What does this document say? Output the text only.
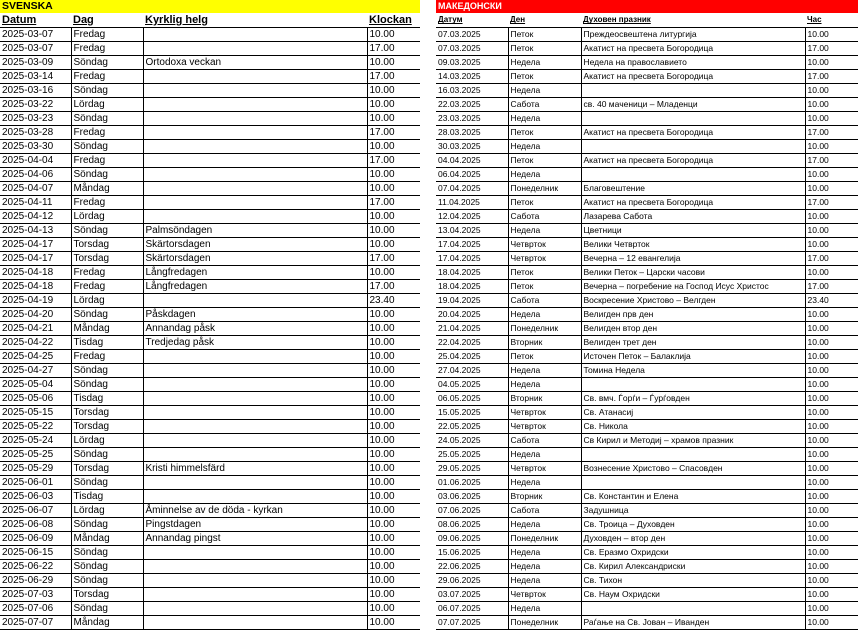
SVENSKA
Datum	Dag	Kyrklig helg	Klockan
2025-03-07	Fredag		10.00
2025-03-07	Fredag		17.00
2025-03-09	Söndag	Ortodoxa veckan	10.00
2025-03-14	Fredag		17.00
2025-03-16	Söndag		10.00
2025-03-22	Lördag		10.00
2025-03-23	Söndag		10.00
2025-03-28	Fredag		17.00
2025-03-30	Söndag		10.00
2025-04-04	Fredag		17.00
2025-04-06	Söndag		10.00
2025-04-07	Måndag		10.00
2025-04-11	Fredag		17.00
2025-04-12	Lördag		10.00
2025-04-13	Söndag	Palmsöndagen	10.00
2025-04-17	Torsdag	Skärtorsdagen	10.00
2025-04-17	Torsdag	Skärtorsdagen	17.00
2025-04-18	Fredag	Långfredagen	10.00
2025-04-18	Fredag	Långfredagen	17.00
2025-04-19	Lördag		23.40
2025-04-20	Söndag	Påskdagen	10.00
2025-04-21	Måndag	Annandag påsk	10.00
2025-04-22	Tisdag	Tredjedag påsk	10.00
2025-04-25	Fredag		10.00
2025-04-27	Söndag		10.00
2025-05-04	Söndag		10.00
2025-05-06	Tisdag		10.00
2025-05-15	Torsdag		10.00
2025-05-22	Torsdag		10.00
2025-05-24	Lördag		10.00
2025-05-25	Söndag		10.00
2025-05-29	Torsdag	Kristi himmelsfärd	10.00
2025-06-01	Söndag		10.00
2025-06-03	Tisdag		10.00
2025-06-07	Lördag	Åminnelse av de döda - kyrkan	10.00
2025-06-08	Söndag	Pingstdagen	10.00
2025-06-09	Måndag	Annandag pingst	10.00
2025-06-15	Söndag		10.00
2025-06-22	Söndag		10.00
2025-06-29	Söndag		10.00
2025-07-03	Torsdag		10.00
2025-07-06	Söndag		10.00
2025-07-07	Måndag		10.00
МАКЕДОНСКИ
Датум	Ден	Духовен празник	Час
07.03.2025	Петок	Преждеосвештена литургија	10.00
07.03.2025	Петок	Акатист на пресвета Богородица	17.00
09.03.2025	Недела	Недела на православието	10.00
14.03.2025	Петок	Акатист на пресвета Богородица	17.00
16.03.2025	Недела		10.00
22.03.2025	Сабота	св. 40 маченици – Младенци	10.00
23.03.2025	Недела		10.00
28.03.2025	Петок	Акатист на пресвета Богородица	17.00
30.03.2025	Недела		10.00
04.04.2025	Петок	Акатист на пресвета Богородица	17.00
06.04.2025	Недела		10.00
07.04.2025	Понеделник	Благовештение	10.00
11.04.2025	Петок	Акатист на пресвета Богородица	17.00
12.04.2025	Сабота	Лазарева Сабота	10.00
13.04.2025	Недела	Цветници	10.00
17.04.2025	Четврток	Велики Четврток	10.00
17.04.2025	Четврток	Вечерна – 12 евангелија	17.00
18.04.2025	Петок	Велики Петок – Царски часови	10.00
18.04.2025	Петок	Вечерна – погребение на Господ Исус Христос	17.00
19.04.2025	Сабота	Воскресение Христово – Велгден	23.40
20.04.2025	Недела	Велигден прв ден	10.00
21.04.2025	Понеделник	Велигден втор ден	10.00
22.04.2025	Вторник	Велигден трет ден	10.00
25.04.2025	Петок	Источен Петок – Балаклија	10.00
27.04.2025	Недела	Томина Недела	10.00
04.05.2025	Недела		10.00
06.05.2025	Вторник	Св. вмч. Ѓорѓи – Ѓурѓовден	10.00
15.05.2025	Четврток	Св. Атанасиј	10.00
22.05.2025	Четврток	Св. Никола	10.00
24.05.2025	Сабота	Св Кирил и Методиј – храмов празник	10.00
25.05.2025	Недела		10.00
29.05.2025	Четврток	Вознесение Христово – Спасовден	10.00
01.06.2025	Недела		10.00
03.06.2025	Вторник	Св. Константин и Елена	10.00
07.06.2025	Сабота	Задушница	10.00
08.06.2025	Недела	Св. Троица – Духовден	10.00
09.06.2025	Понеделник	Духовден – втор ден	10.00
15.06.2025	Недела	Св. Еразмо Охридски	10.00
22.06.2025	Недела	Св. Кирил Александриски	10.00
29.06.2025	Недела	Св. Тихон	10.00
03.07.2025	Четврток	Св. Наум Охридски	10.00
06.07.2025	Недела		10.00
07.07.2025	Понеделник	Раѓање на Св. Јован – Иванден	10.00
